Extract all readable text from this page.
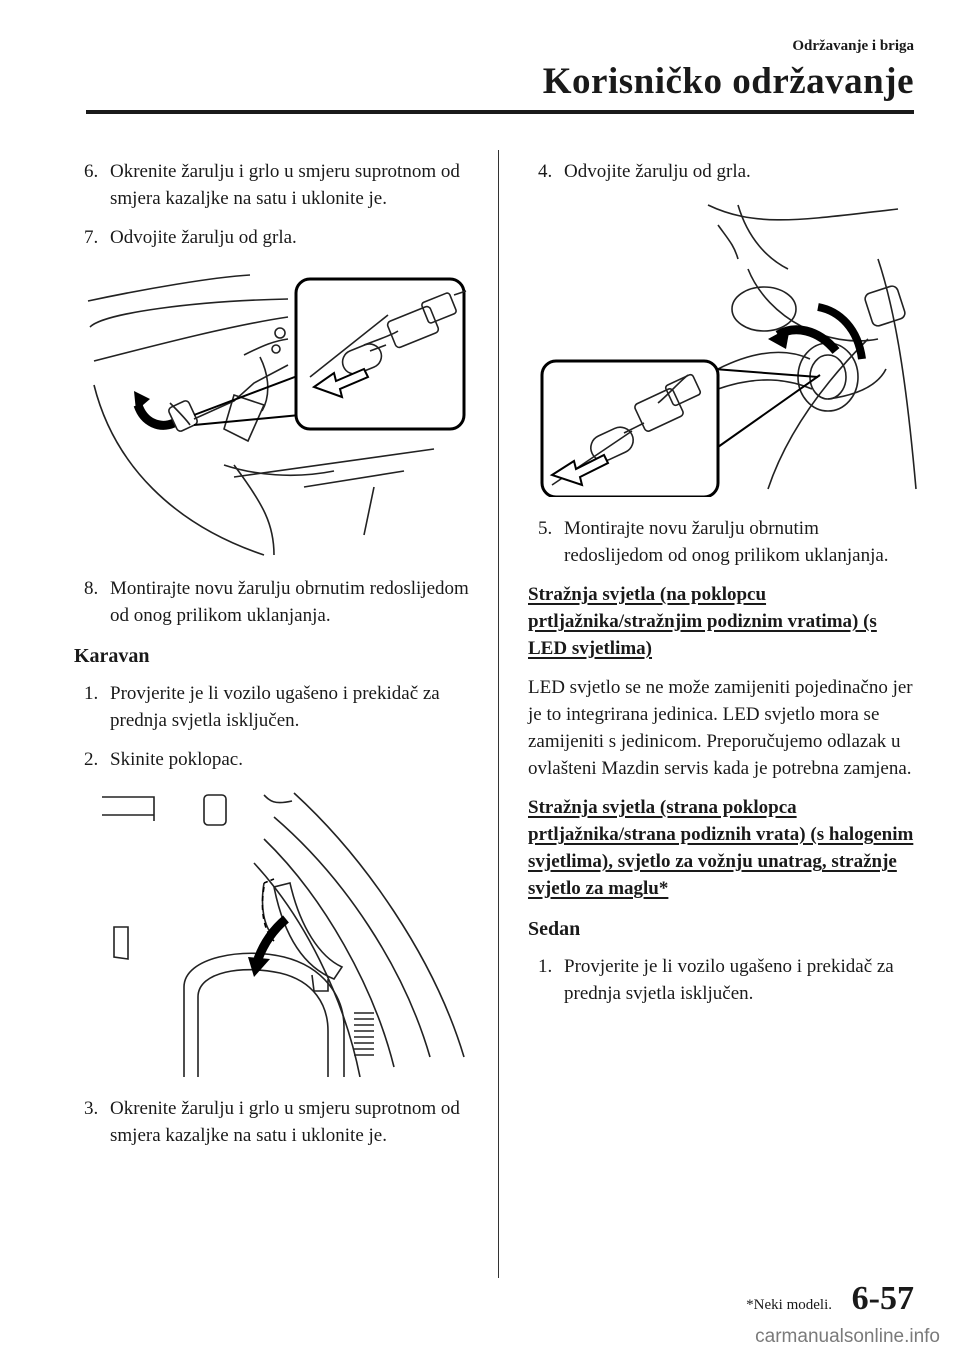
Održavanje i briga
Korisničko održavanje
6. Okrenite žarulju i grlo u smjeru suprotnom od smjera kazaljke na satu i uklonite je.
7. Odvojite žarulju od grla.
8. Montirajte novu žarulju obrnutim redoslijedom od onog prilikom uklanjanja.
Karavan
1. Provjerite je li vozilo ugašeno i prekidač za prednja svjetla isključen.
2. Skinite poklopac.
3. Okrenite žarulju i grlo u smjeru suprotnom od smjera kazaljke na satu i uklonite je.
4. Odvojite žarulju od grla.
5. Montirajte novu žarulju obrnutim redoslijedom od onog prilikom uklanjanja.
Stražnja svjetla (na poklopcu prtljažnika/stražnjim podiznim vratima) (s LED svjetlima)
LED svjetlo se ne može zamijeniti pojedinačno jer je to integrirana jedinica. LED svjetlo mora se zamijeniti s jedinicom. Preporučujemo odlazak u ovlašteni Mazdin servis kada je potrebna zamjena.
Stražnja svjetla (strana poklopca prtljažnika/strana podiznih vrata) (s halogenim svjetlima), svjetlo za vožnju unatrag, stražnje svjetlo za maglu*
Sedan
1. Provjerite je li vozilo ugašeno i prekidač za prednja svjetla isključen.
*Neki modeli. 6-57
carmanualsonline.info
